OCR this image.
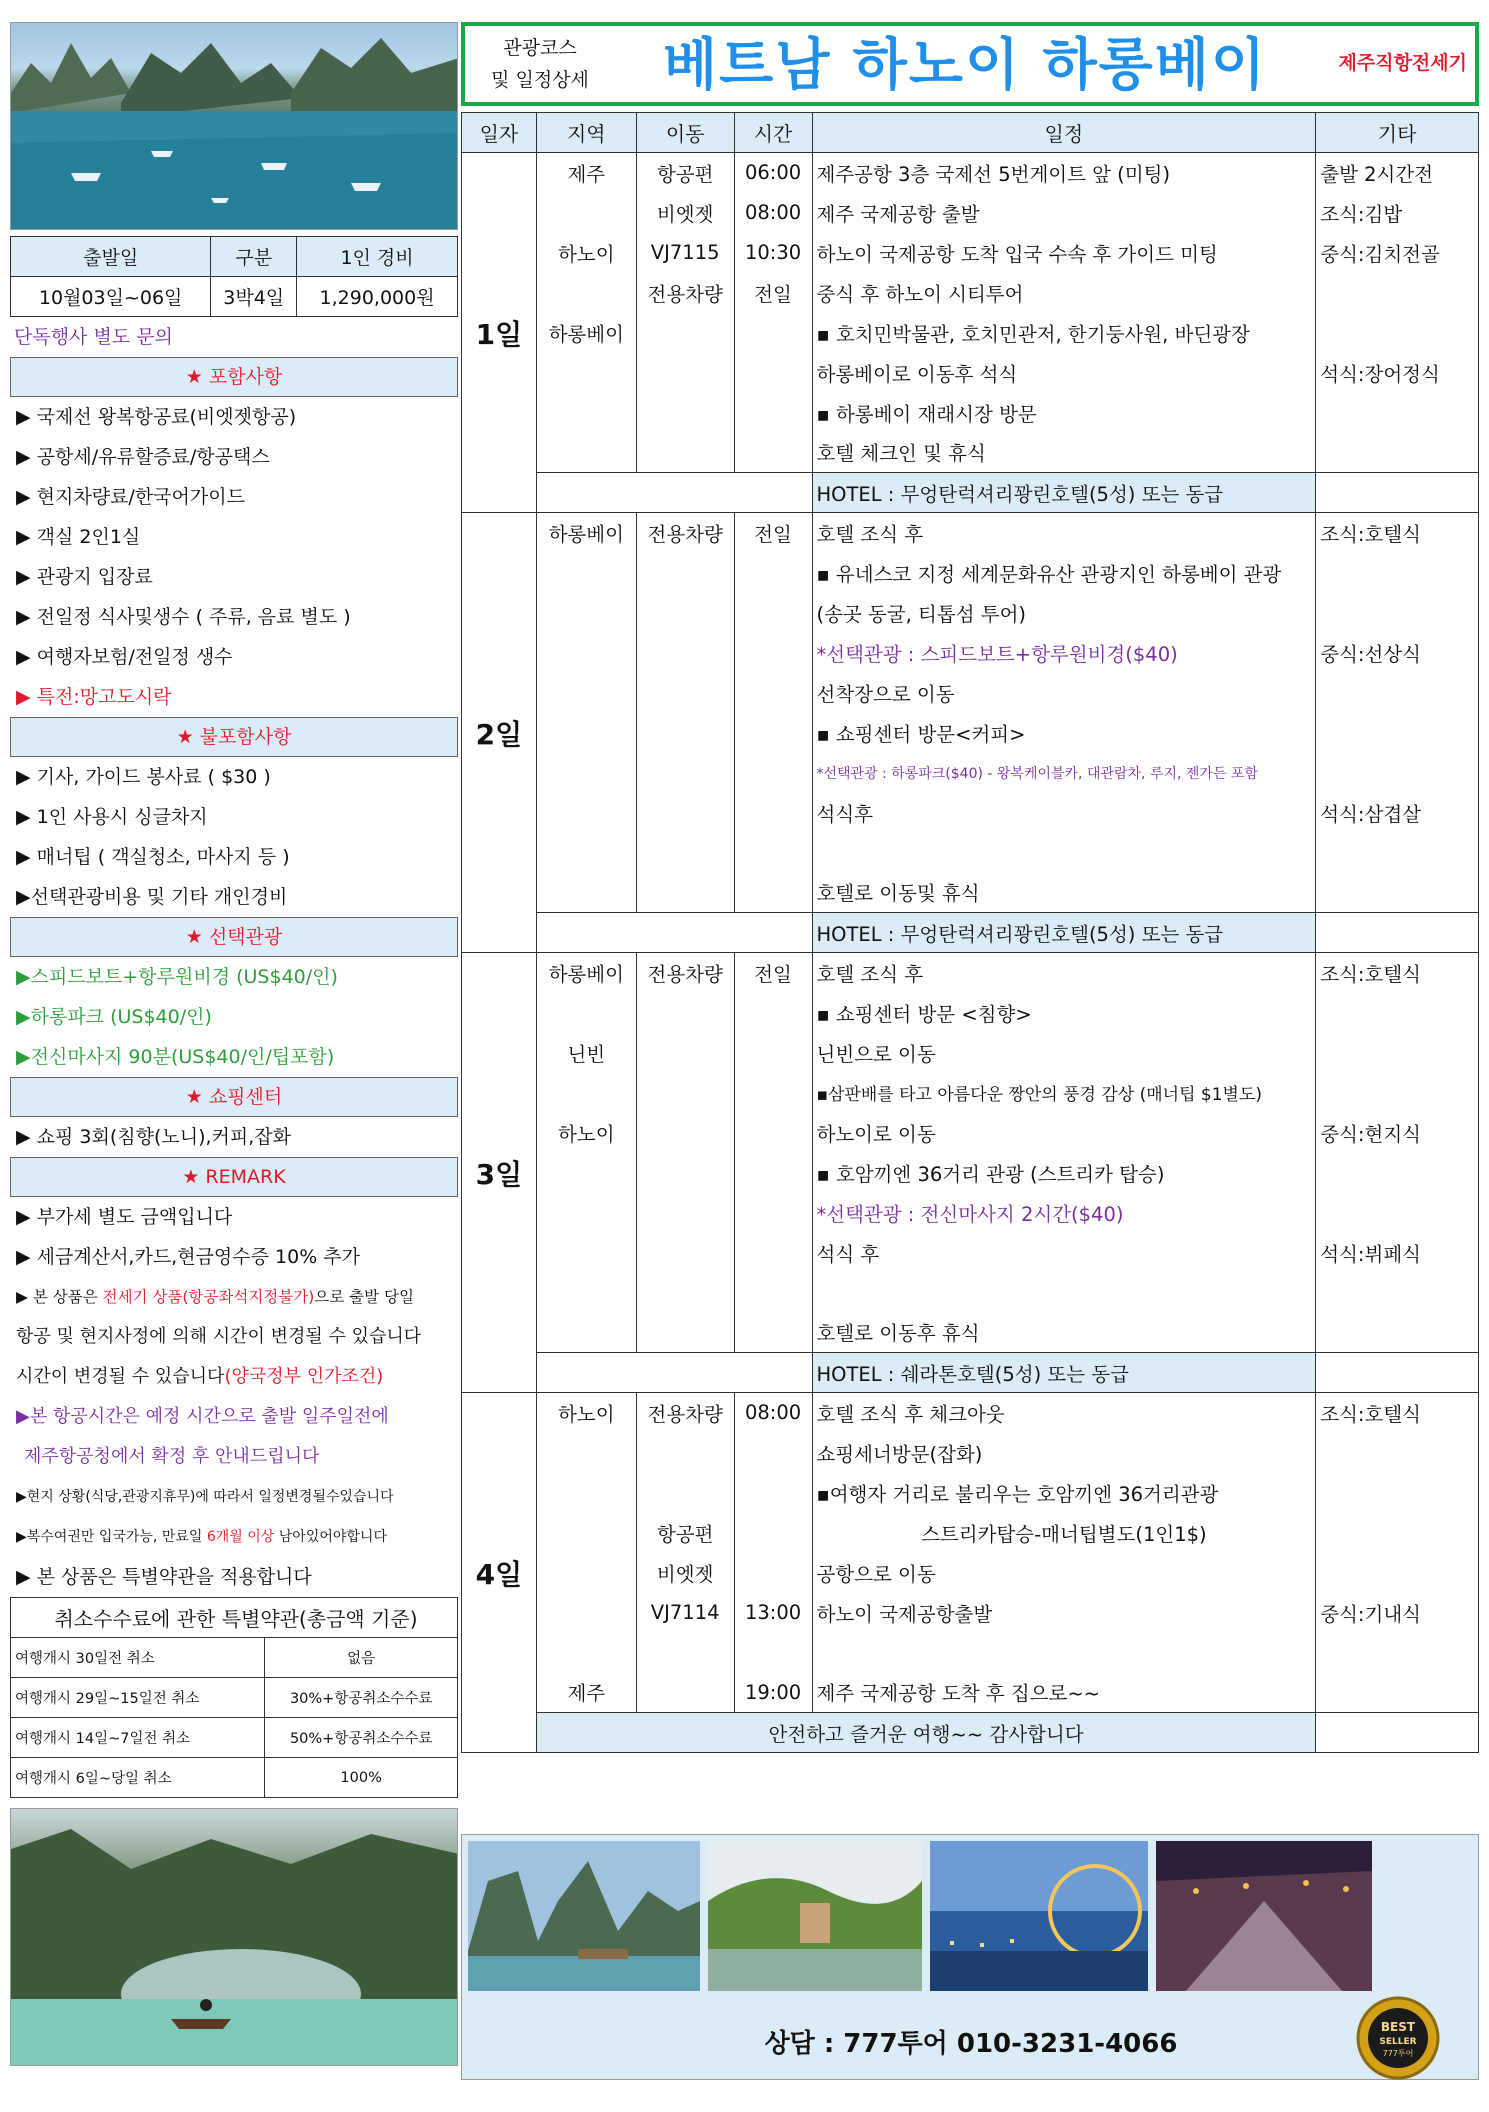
출발일	구분	1인 경비
10월03일~06일	3박4일	1,290,000원
단독행사 별도 문의
★ 포함사항
▶ 국제선 왕복항공료(비엣젯항공)
▶ 공항세/유류할증료/항공택스
▶ 현지차량료/한국어가이드
▶ 객실 2인1실
▶ 관광지 입장료
▶ 전일정 식사및생수 ( 주류, 음료 별도 )
▶ 여행자보험/전일정 생수
▶ 특전:망고도시락
★ 불포함사항
▶ 기사, 가이드 봉사료 ( $30 )
▶ 1인 사용시 싱글차지
▶ 매너팁 ( 객실청소, 마사지 등 )
▶선택관광비용 및 기타 개인경비
★ 선택관광
▶스피드보트+항루원비경 (US$40/인)
▶하롱파크 (US$40/인)
▶전신마사지 90분(US$40/인/팁포함)
★ 쇼핑센터
▶ 쇼핑 3회(침향(노니),커피,잡화
★ REMARK
▶ 부가세 별도 금액입니다
▶ 세금계산서,카드,현금영수증 10% 추가
▶ 본 상품은 전세기 상품(항공좌석지정불가)으로 출발 당일
항공 및 현지사정에 의해 시간이 변경될 수 있습니다
시간이 변경될 수 있습니다(양국정부 인가조건)
▶본 항공시간은 예정 시간으로 출발 일주일전에
제주항공청에서 확정 후 안내드립니다
▶현지 상황(식당,관광지휴무)에 따라서 일정변경될수있습니다
▶복수여권만 입국가능, 만료일 6개월 이상 남아있어야합니다
▶ 본 상품은 특별약관을 적용합니다
취소수수료에 관한 특별약관(총금액 기준)	
여행개시 30일전 취소	없음
여행개시 29일~15일전 취소	30%+항공취소수수료
여행개시 14일~7일전 취소	50%+항공취소수수료
여행개시 6일~당일 취소	100%
관광코스
및 일정상세	베트남 하노이 하롱베이	제주직항전세기
일자	지역	이동	시간	일정	기타
1일	제주	항공편	06:00	제주공항 3층 국제선 5번게이트 앞 (미팅)	출발 2시간전
		비엣젯	08:00	제주 국제공항 출발	조식:김밥
	하노이	VJ7115	10:30	하노이 국제공항 도착 입국 수속 후 가이드 미팅	중식:김치전골
		전용차량	전일	중식 후 하노이 시티투어	
	하롱베이			▪ 호치민박물관, 호치민관저, 한기둥사원, 바딘광장	
				하롱베이로 이동후 석식	석식:장어정식
				▪ 하롱베이 재래시장 방문	
				호텔 체크인 및 휴식	
				HOTEL : 무엉탄럭셔리꽝린호텔(5성) 또는 동급	
2일	하롱베이	전용차량	전일	호텔 조식 후	조식:호텔식
				▪ 유네스코 지정 세계문화유산 관광지인 하롱베이 관광	
				(송곳 동굴, 티톱섬 투어)	
				*선택관광 : 스피드보트+항루원비경($40)	중식:선상식
				선착장으로 이동	
				▪ 쇼핑센터 방문<커피>	
				*선택관광 : 하롱파크($40) - 왕복케이블카, 대관람차, 루지, 젠가든 포함	
				석식후	석식:삼겹살

				호텔로 이동및 휴식	
				HOTEL : 무엉탄럭셔리꽝린호텔(5성) 또는 동급	
3일	하롱베이	전용차량	전일	호텔 조식 후	조식:호텔식
				▪ 쇼핑센터 방문 <침향>	
	닌빈			닌빈으로 이동	
				▪삼판배를 타고 아름다운 짱안의 풍경 감상 (매너팁 $1별도)	
	하노이			하노이로 이동	중식:현지식
				▪ 호암끼엔 36거리 관광 (스트리카 탑승)	
				*선택관광 : 전신마사지 2시간($40)	
				석식 후	석식:뷔페식

				호텔로 이동후 휴식	
				HOTEL : 쉐라톤호텔(5성) 또는 동급	
4일	하노이	전용차량	08:00	호텔 조식 후 체크아웃	조식:호텔식
				쇼핑세너방문(잡화)	
				▪여행자 거리로 불리우는 호암끼엔 36거리관광	
		항공편		스트리카탑승-매너팁별도(1인1$)	
		비엣젯		공항으로 이동	
		VJ7114	13:00	하노이 국제공항출발	중식:기내식

	제주		19:00	제주 국제공항 도착 후 집으로~~	
	안전하고 즐거운 여행~~ 감사합니다				
상담 : 777투어 010-3231-4066
BEST
SELLER
777투어
